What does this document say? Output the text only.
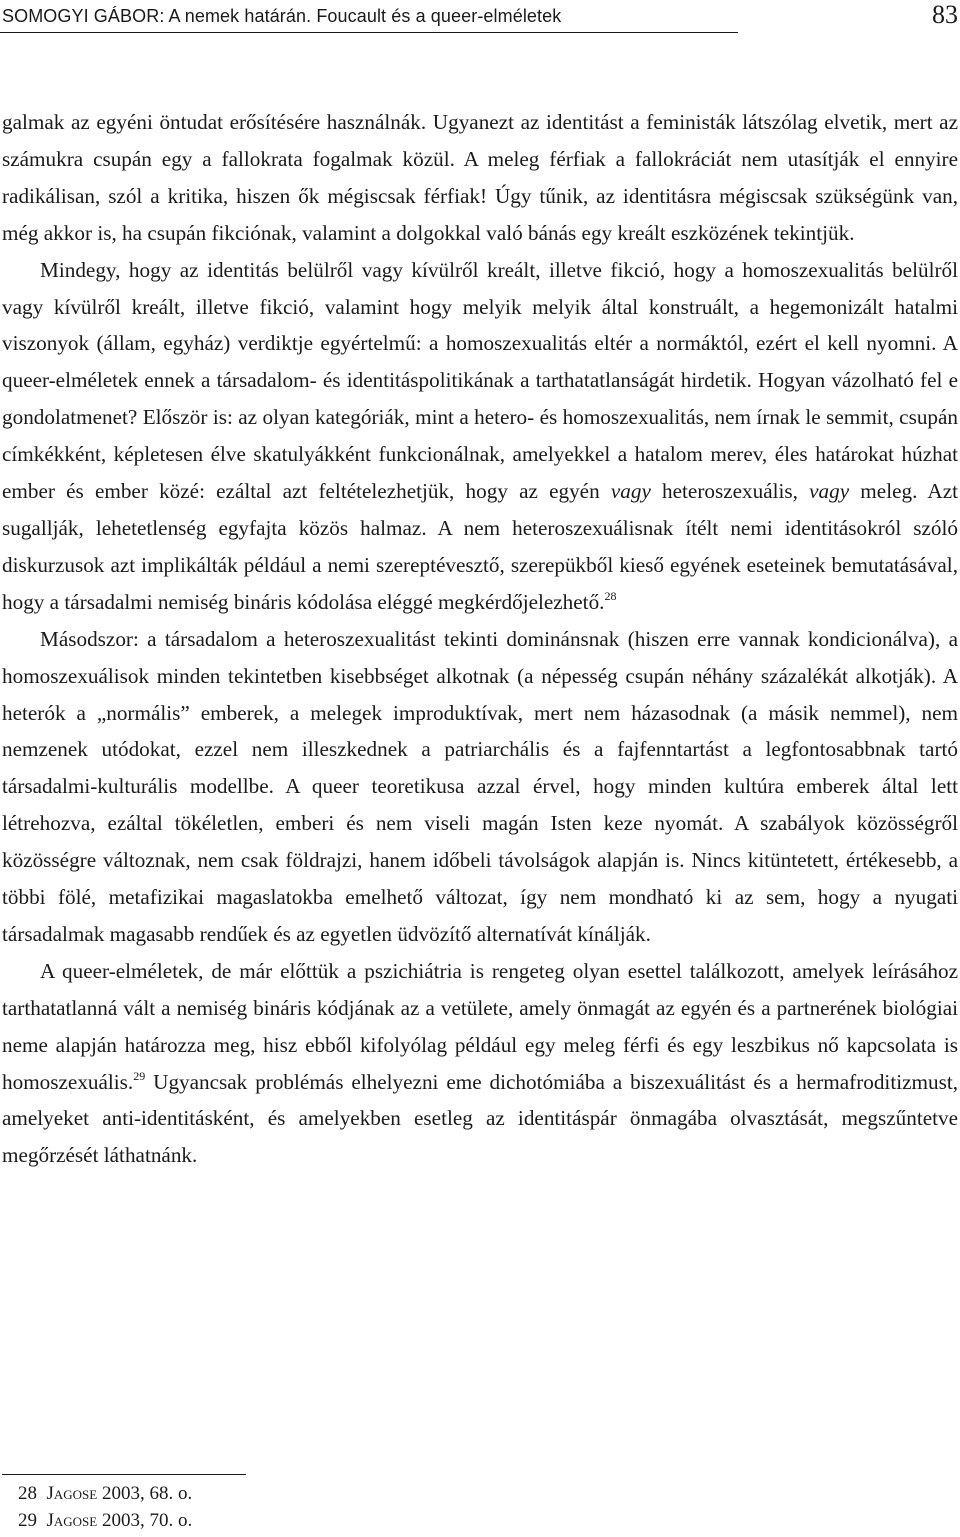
SOMOGYI GÁBOR: A nemek határán. Foucault és a queer-elméletek	83

galmak az egyéni öntudat erősítésére használnák. Ugyanezt az identitást a feministák látszólag elvetik, mert az számukra csupán egy a fallokrata fogalmak közül. A meleg férfiak a fallokráciát nem utasítják el ennyire radikálisan, szól a kritika, hiszen ők mégiscsak férfiak! Úgy tűnik, az identitásra mégiscsak szükségünk van, még akkor is, ha csupán fikciónak, valamint a dolgokkal való bánás egy kreált eszközének tekintjük.

Mindegy, hogy az identitás belülről vagy kívülről kreált, illetve fikció, hogy a homoszexualitás belülről vagy kívülről kreált, illetve fikció, valamint hogy melyik melyik által konstruált, a hegemonizált hatalmi viszonyok (állam, egyház) verdiktje egyértelmű: a homoszexualitás eltér a normáktól, ezért el kell nyomni. A queer-elméletek ennek a társadalom- és identitáspolitikának a tarthatatlanságát hirdetik. Hogyan vázolható fel e gondolatmenet? Először is: az olyan kategóriák, mint a hetero- és homoszexualitás, nem írnak le semmit, csupán címkékként, képletesen élve skatulyákként funkcionálnak, amelyekkel a hatalom merev, éles határokat húzhat ember és ember közé: ezáltal azt feltételezhetjük, hogy az egyén vagy heteroszexuális, vagy meleg. Azt sugallják, lehetetlenség egyfajta közös halmaz. A nem heteroszexuálisnak ítélt nemi identitásokról szóló diskurzusok azt implikálták például a nemi szereptévesztő, szerepükből kieső egyének eseteinek bemutatásával, hogy a társadalmi nemiség bináris kódolása eléggé megkérdőjelezhető.$^{28}$

Másodszor: a társadalom a heteroszexualitást tekinti dominánsnak (hiszen erre vannak kondicionálva), a homoszexuálisok minden tekintetben kisebbséget alkotnak (a népesség csupán néhány százalékát alkotják). A heterók a „normális” emberek, a melegek improduktívak, mert nem házasodnak (a másik nemmel), nem nemzenek utódokat, ezzel nem illeszkednek a patriarchális és a fajfenntartást a legfontosabbnak tartó társadalmi-kulturális modellbe. A queer teoretikusa azzal érvel, hogy minden kultúra emberek által lett létrehozva, ezáltal tökéletlen, emberi és nem viseli magán Isten keze nyomát. A szabályok közösségről közösségre változnak, nem csak földrajzi, hanem időbeli távolságok alapján is. Nincs kitüntetett, értékesebb, a többi fölé, metafizikai magaslatokba emelhető változat, így nem mondható ki az sem, hogy a nyugati társadalmak magasabb rendűek és az egyetlen üdvözítő alternatívát kínálják.

A queer-elméletek, de már előttük a pszichiátria is rengeteg olyan esettel találkozott, amelyek leírásához tarthatatlanná vált a nemiség bináris kódjának az a vetülete, amely önmagát az egyén és a partnerének biológiai neme alapján határozza meg, hisz ebből kifolyólag például egy meleg férfi és egy leszbikus nő kapcsolata is homoszexuális.$^{29}$ Ugyancsak problémás elhelyezni eme dichotómiába a biszexuálitást és a hermafroditizmust, amelyeket anti-identitásként, és amelyekben esetleg az identitáspár önmagába olvasztását, megszűntetve megőrzését láthatnánk.

28 Jagose 2003, 68. o.
29 Jagose 2003, 70. o.
